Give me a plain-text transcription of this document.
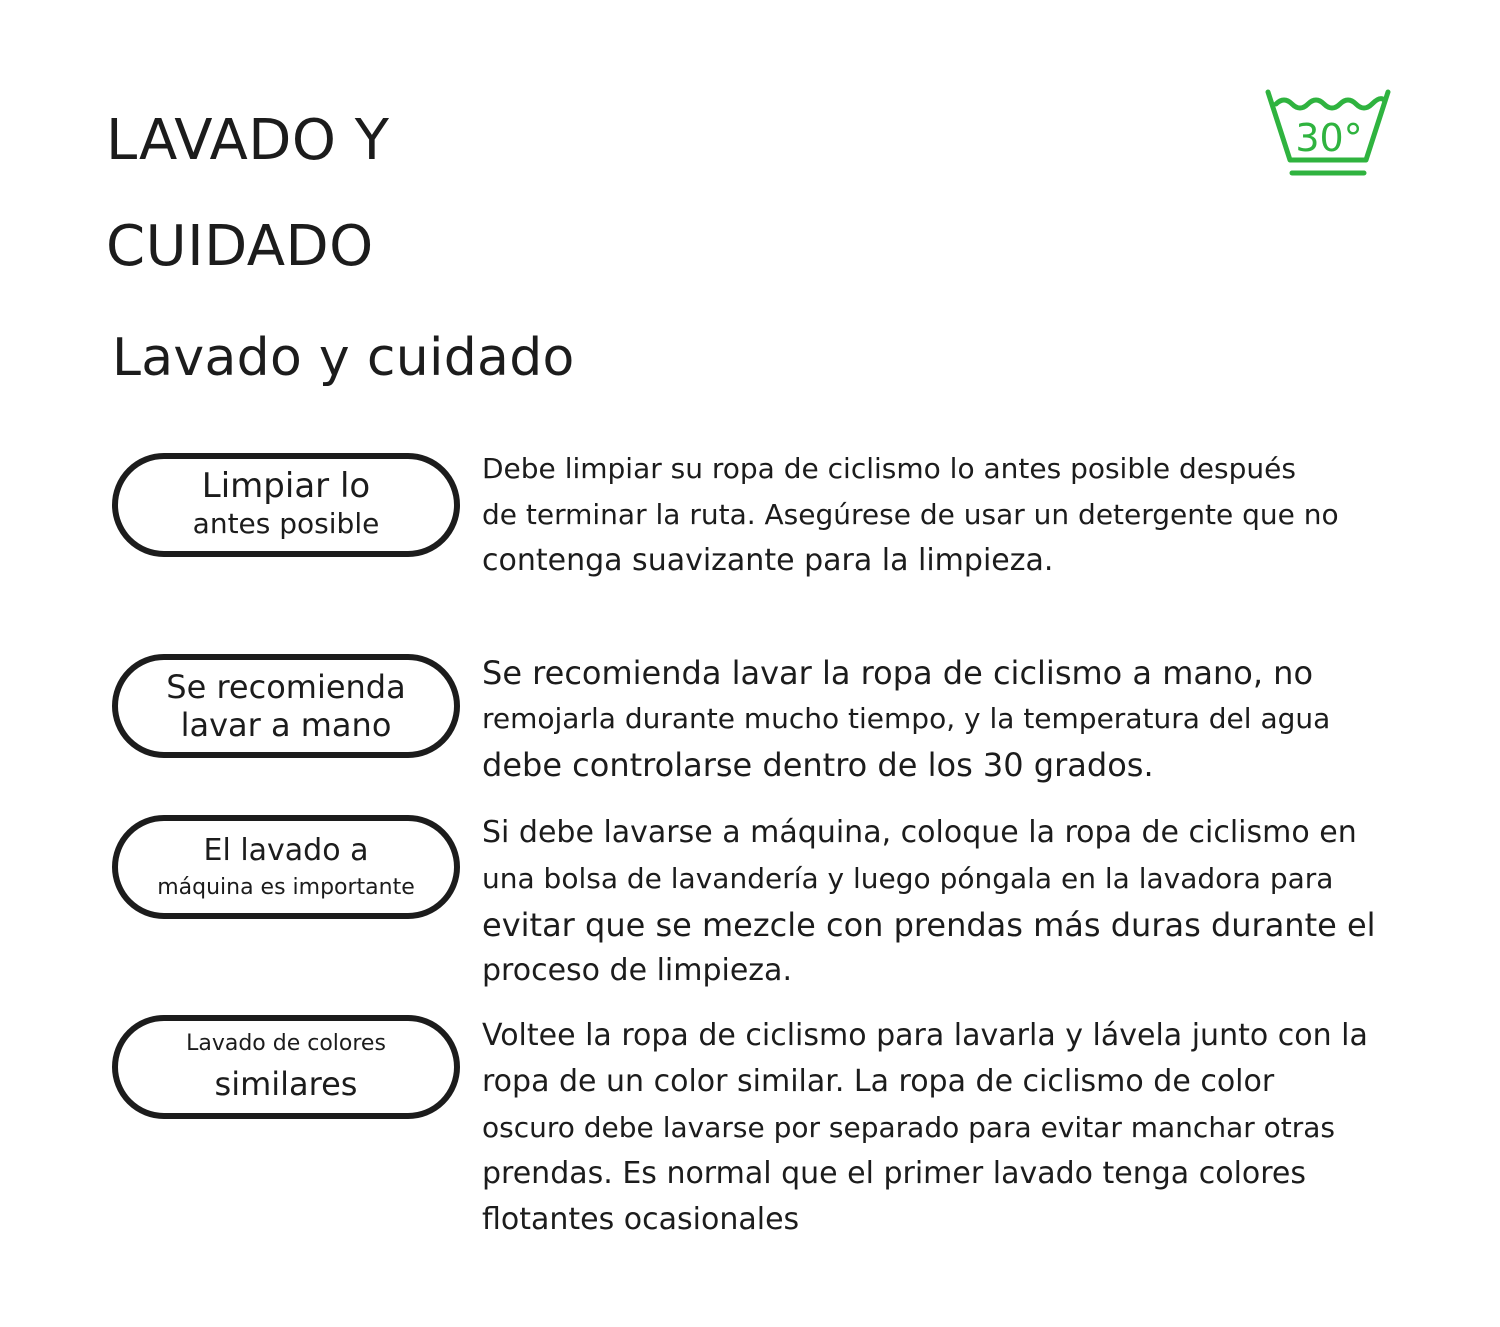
LAVADO Y
CUIDADO
30°
Lavado y cuidado
Limpiar lo
antes posible

Debe limpiar su ropa de ciclismo lo antes posible después
de terminar la ruta. Asegúrese de usar un detergente que no
contenga suavizante para la limpieza.

Se recomienda
lavar a mano

Se recomienda lavar la ropa de ciclismo a mano, no
remojarla durante mucho tiempo, y la temperatura del agua
debe controlarse dentro de los 30 grados.

El lavado a
máquina es importante

Si debe lavarse a máquina, coloque la ropa de ciclismo en
una bolsa de lavandería y luego póngala en la lavadora para
evitar que se mezcle con prendas más duras durante el
proceso de limpieza.

Lavado de colores
similares

Voltee la ropa de ciclismo para lavarla y lávela junto con la
ropa de un color similar. La ropa de ciclismo de color
oscuro debe lavarse por separado para evitar manchar otras
prendas. Es normal que el primer lavado tenga colores
flotantes ocasionales
